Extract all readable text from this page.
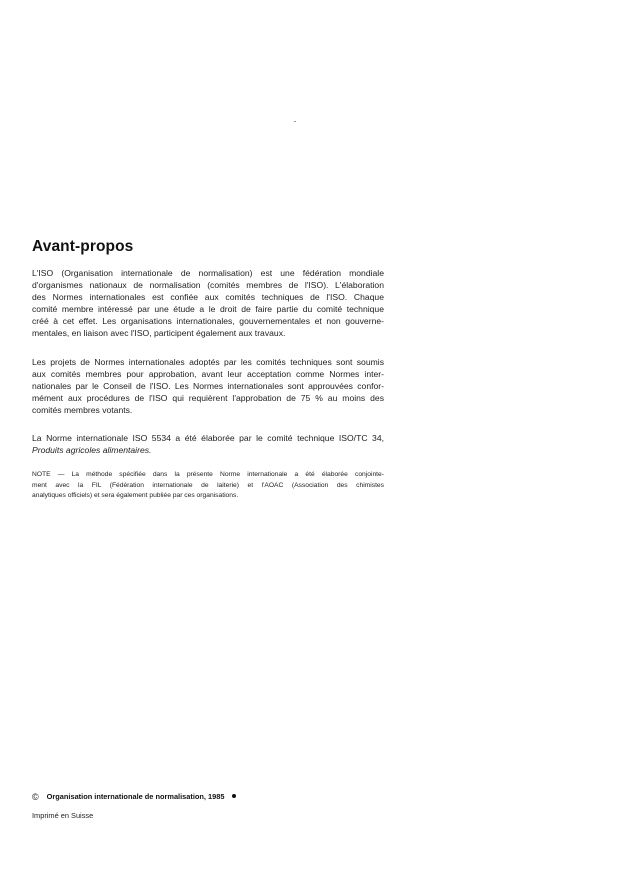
Avant-propos

L'ISO (Organisation internationale de normalisation) est une fédération mondiale
d'organismes nationaux de normalisation (comités membres de l'ISO). L'élaboration
des Normes internationales est confiée aux comités techniques de l'ISO. Chaque
comité membre intéressé par une étude a le droit de faire partie du comité technique
créé à cet effet. Les organisations internationales, gouvernementales et non gouverne-
mentales, en liaison avec l'ISO, participent également aux travaux.

Les projets de Normes internationales adoptés par les comités techniques sont soumis
aux comités membres pour approbation, avant leur acceptation comme Normes inter-
nationales par le Conseil de l'ISO. Les Normes internationales sont approuvées confor-
mément aux procédures de l'ISO qui requièrent l'approbation de 75 % au moins des
comités membres votants.

La Norme internationale ISO 5534 a été élaborée par le comité technique ISO/TC 34,
Produits agricoles alimentaires.

NOTE — La méthode spécifiée dans la présente Norme internationale a été élaborée conjointe-
ment avec la FIL (Fédération internationale de laiterie) et l'AOAC (Association des chimistes
analytiques officiels) et sera également publiée par ces organisations.

© Organisation internationale de normalisation, 1985
Imprimé en Suisse
